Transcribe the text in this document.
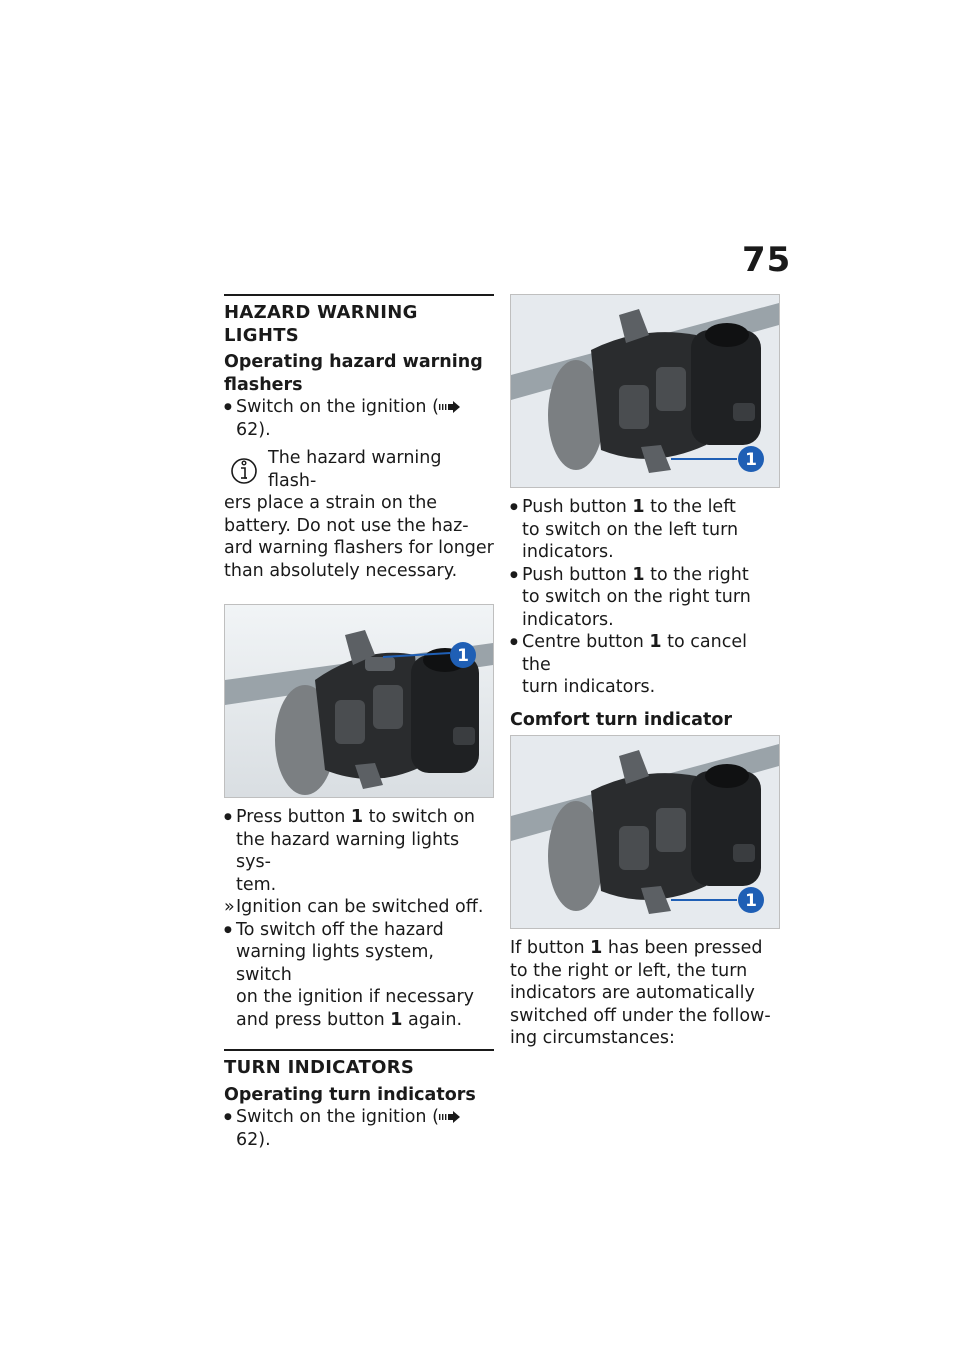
75
HAZARD WARNING LIGHTS
Operating hazard warning
flashers
●
Switch on the ignition (62).
The hazard warning flash-
ers place a strain on the
battery. Do not use the haz-
ard warning flashers for longer
than absolutely necessary.
1
●
Press button 1 to switch on
the hazard warning lights sys-
tem.
» Ignition can be switched off.
●
To switch off the hazard
warning lights system, switch
on the ignition if necessary
and press button 1 again.
TURN INDICATORS
Operating turn indicators
●
Switch on the ignition (62).
1
●
Push button 1 to the left
to switch on the left turn
indicators.
●
Push button 1 to the right
to switch on the right turn
indicators.
●
Centre button 1 to cancel the
turn indicators.
Comfort turn indicator
1
If button 1 has been pressed
to the right or left, the turn
indicators are automatically
switched off under the follow-
ing circumstances:
